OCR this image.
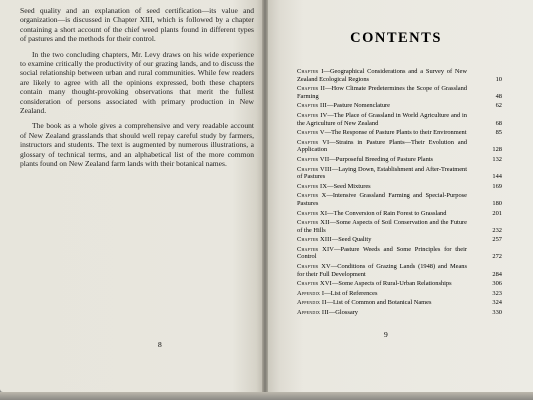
Seed quality and an explanation of seed certification—its value and organization—is discussed in Chapter XIII, which is followed by a chapter containing a short account of the chief weed plants found in different types of pastures and the methods for their control.

In the two concluding chapters, Mr. Levy draws on his wide experience to examine critically the productivity of our grazing lands, and to discuss the social relationship between urban and rural communities. While few readers are likely to agree with all the opinions expressed, both these chapters contain many thought-provoking observations that merit the fullest consideration of persons associated with primary production in New Zealand.

The book as a whole gives a comprehensive and very readable account of New Zealand grasslands that should well repay careful study by farmers, instructors and students. The text is augmented by numerous illustrations, a glossary of technical terms, and an alphabetical list of the more common plants found on New Zealand farm lands with their botanical names.

8
CONTENTS
Chapter I—Geographical Considerations and a Survey of New Zealand Ecological Regions	10
Chapter II—How Climate Predetermines the Scope of Grassland Farming	48
Chapter III—Pasture Nomenclature	62
Chapter IV—The Place of Grassland in World Agriculture and in the Agriculture of New Zealand	68
Chapter V—The Response of Pasture Plants to their Environment	85
Chapter VI—Strains in Pasture Plants—Their Evolution and Application	128
Chapter VII—Purposeful Breeding of Pasture Plants	132
Chapter VIII—Laying Down, Establishment and After-Treatment of Pastures	144
Chapter IX—Seed Mixtures	169
Chapter X—Intensive Grassland Farming and Special-Purpose Pastures	180
Chapter XI—The Conversion of Rain Forest to Grassland	201
Chapter XII—Some Aspects of Soil Conservation and the Future of the Hills	232
Chapter XIII—Seed Quality	257
Chapter XIV—Pasture Weeds and Some Principles for their Control	272
Chapter XV—Conditions of Grazing Lands (1948) and Means for their Full Development	284
Chapter XVI—Some Aspects of Rural-Urban Relationships	306
Appendix I—List of References	323
Appendix II—List of Common and Botanical Names	324
Appendix III—Glossary	330
9
